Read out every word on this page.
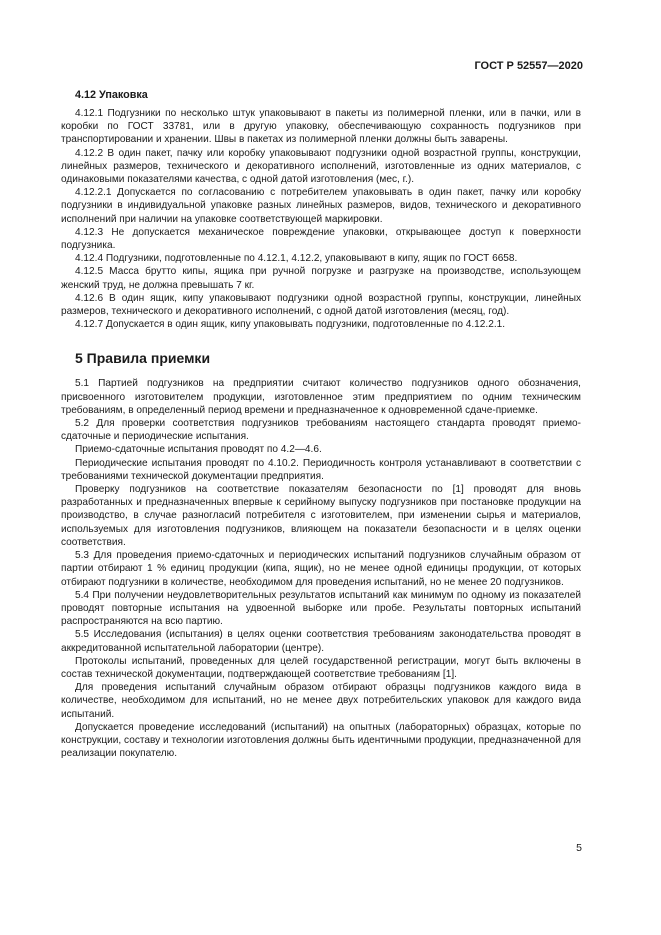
ГОСТ Р 52557—2020
4.12 Упаковка

4.12.1 Подгузники по несколько штук упаковывают в пакеты из полимерной пленки, или в пачки, или в коробки по ГОСТ 33781, или в другую упаковку, обеспечивающую сохранность подгузников при транспортировании и хранении. Швы в пакетах из полимерной пленки должны быть заварены.

4.12.2 В один пакет, пачку или коробку упаковывают подгузники одной возрастной группы, конструкции, линейных размеров, технического и декоративного исполнений, изготовленные из одних материалов, с одинаковыми показателями качества, с одной датой изготовления (мес, г.).

4.12.2.1 Допускается по согласованию с потребителем упаковывать в один пакет, пачку или коробку подгузники в индивидуальной упаковке разных линейных размеров, видов, технического и декоративного исполнений при наличии на упаковке соответствующей маркировки.

4.12.3 Не допускается механическое повреждение упаковки, открывающее доступ к поверхности подгузника.

4.12.4 Подгузники, подготовленные по 4.12.1, 4.12.2, упаковывают в кипу, ящик по ГОСТ 6658.

4.12.5 Масса брутто кипы, ящика при ручной погрузке и разгрузке на производстве, использующем женский труд, не должна превышать 7 кг.

4.12.6 В один ящик, кипу упаковывают подгузники одной возрастной группы, конструкции, линейных размеров, технического и декоративного исполнений, с одной датой изготовления (месяц, год).

4.12.7 Допускается в один ящик, кипу упаковывать подгузники, подготовленные по 4.12.2.1.

5 Правила приемки

5.1 Партией подгузников на предприятии считают количество подгузников одного обозначения, присвоенного изготовителем продукции, изготовленное этим предприятием по одним техническим требованиям, в определенный период времени и предназначенное к одновременной сдаче-приемке.

5.2 Для проверки соответствия подгузников требованиям настоящего стандарта проводят приемо-сдаточные и периодические испытания.

Приемо-сдаточные испытания проводят по 4.2—4.6.

Периодические испытания проводят по 4.10.2. Периодичность контроля устанавливают в соответствии с требованиями технической документации предприятия.

Проверку подгузников на соответствие показателям безопасности по [1] проводят для вновь разработанных и предназначенных впервые к серийному выпуску подгузников при постановке продукции на производство, в случае разногласий потребителя с изготовителем, при изменении сырья и материалов, используемых для изготовления подгузников, влияющем на показатели безопасности и в целях оценки соответствия.

5.3 Для проведения приемо-сдаточных и периодических испытаний подгузников случайным образом от партии отбирают 1 % единиц продукции (кипа, ящик), но не менее одной единицы продукции, от которых отбирают подгузники в количестве, необходимом для проведения испытаний, но не менее 20 подгузников.

5.4 При получении неудовлетворительных результатов испытаний как минимум по одному из показателей проводят повторные испытания на удвоенной выборке или пробе. Результаты повторных испытаний распространяются на всю партию.

5.5 Исследования (испытания) в целях оценки соответствия требованиям законодательства проводят в аккредитованной испытательной лаборатории (центре).

Протоколы испытаний, проведенных для целей государственной регистрации, могут быть включены в состав технической документации, подтверждающей соответствие требованиям [1].

Для проведения испытаний случайным образом отбирают образцы подгузников каждого вида в количестве, необходимом для испытаний, но не менее двух потребительских упаковок для каждого вида испытаний.

Допускается проведение исследований (испытаний) на опытных (лабораторных) образцах, которые по конструкции, составу и технологии изготовления должны быть идентичными продукции, предназначенной для реализации покупателю.

5
